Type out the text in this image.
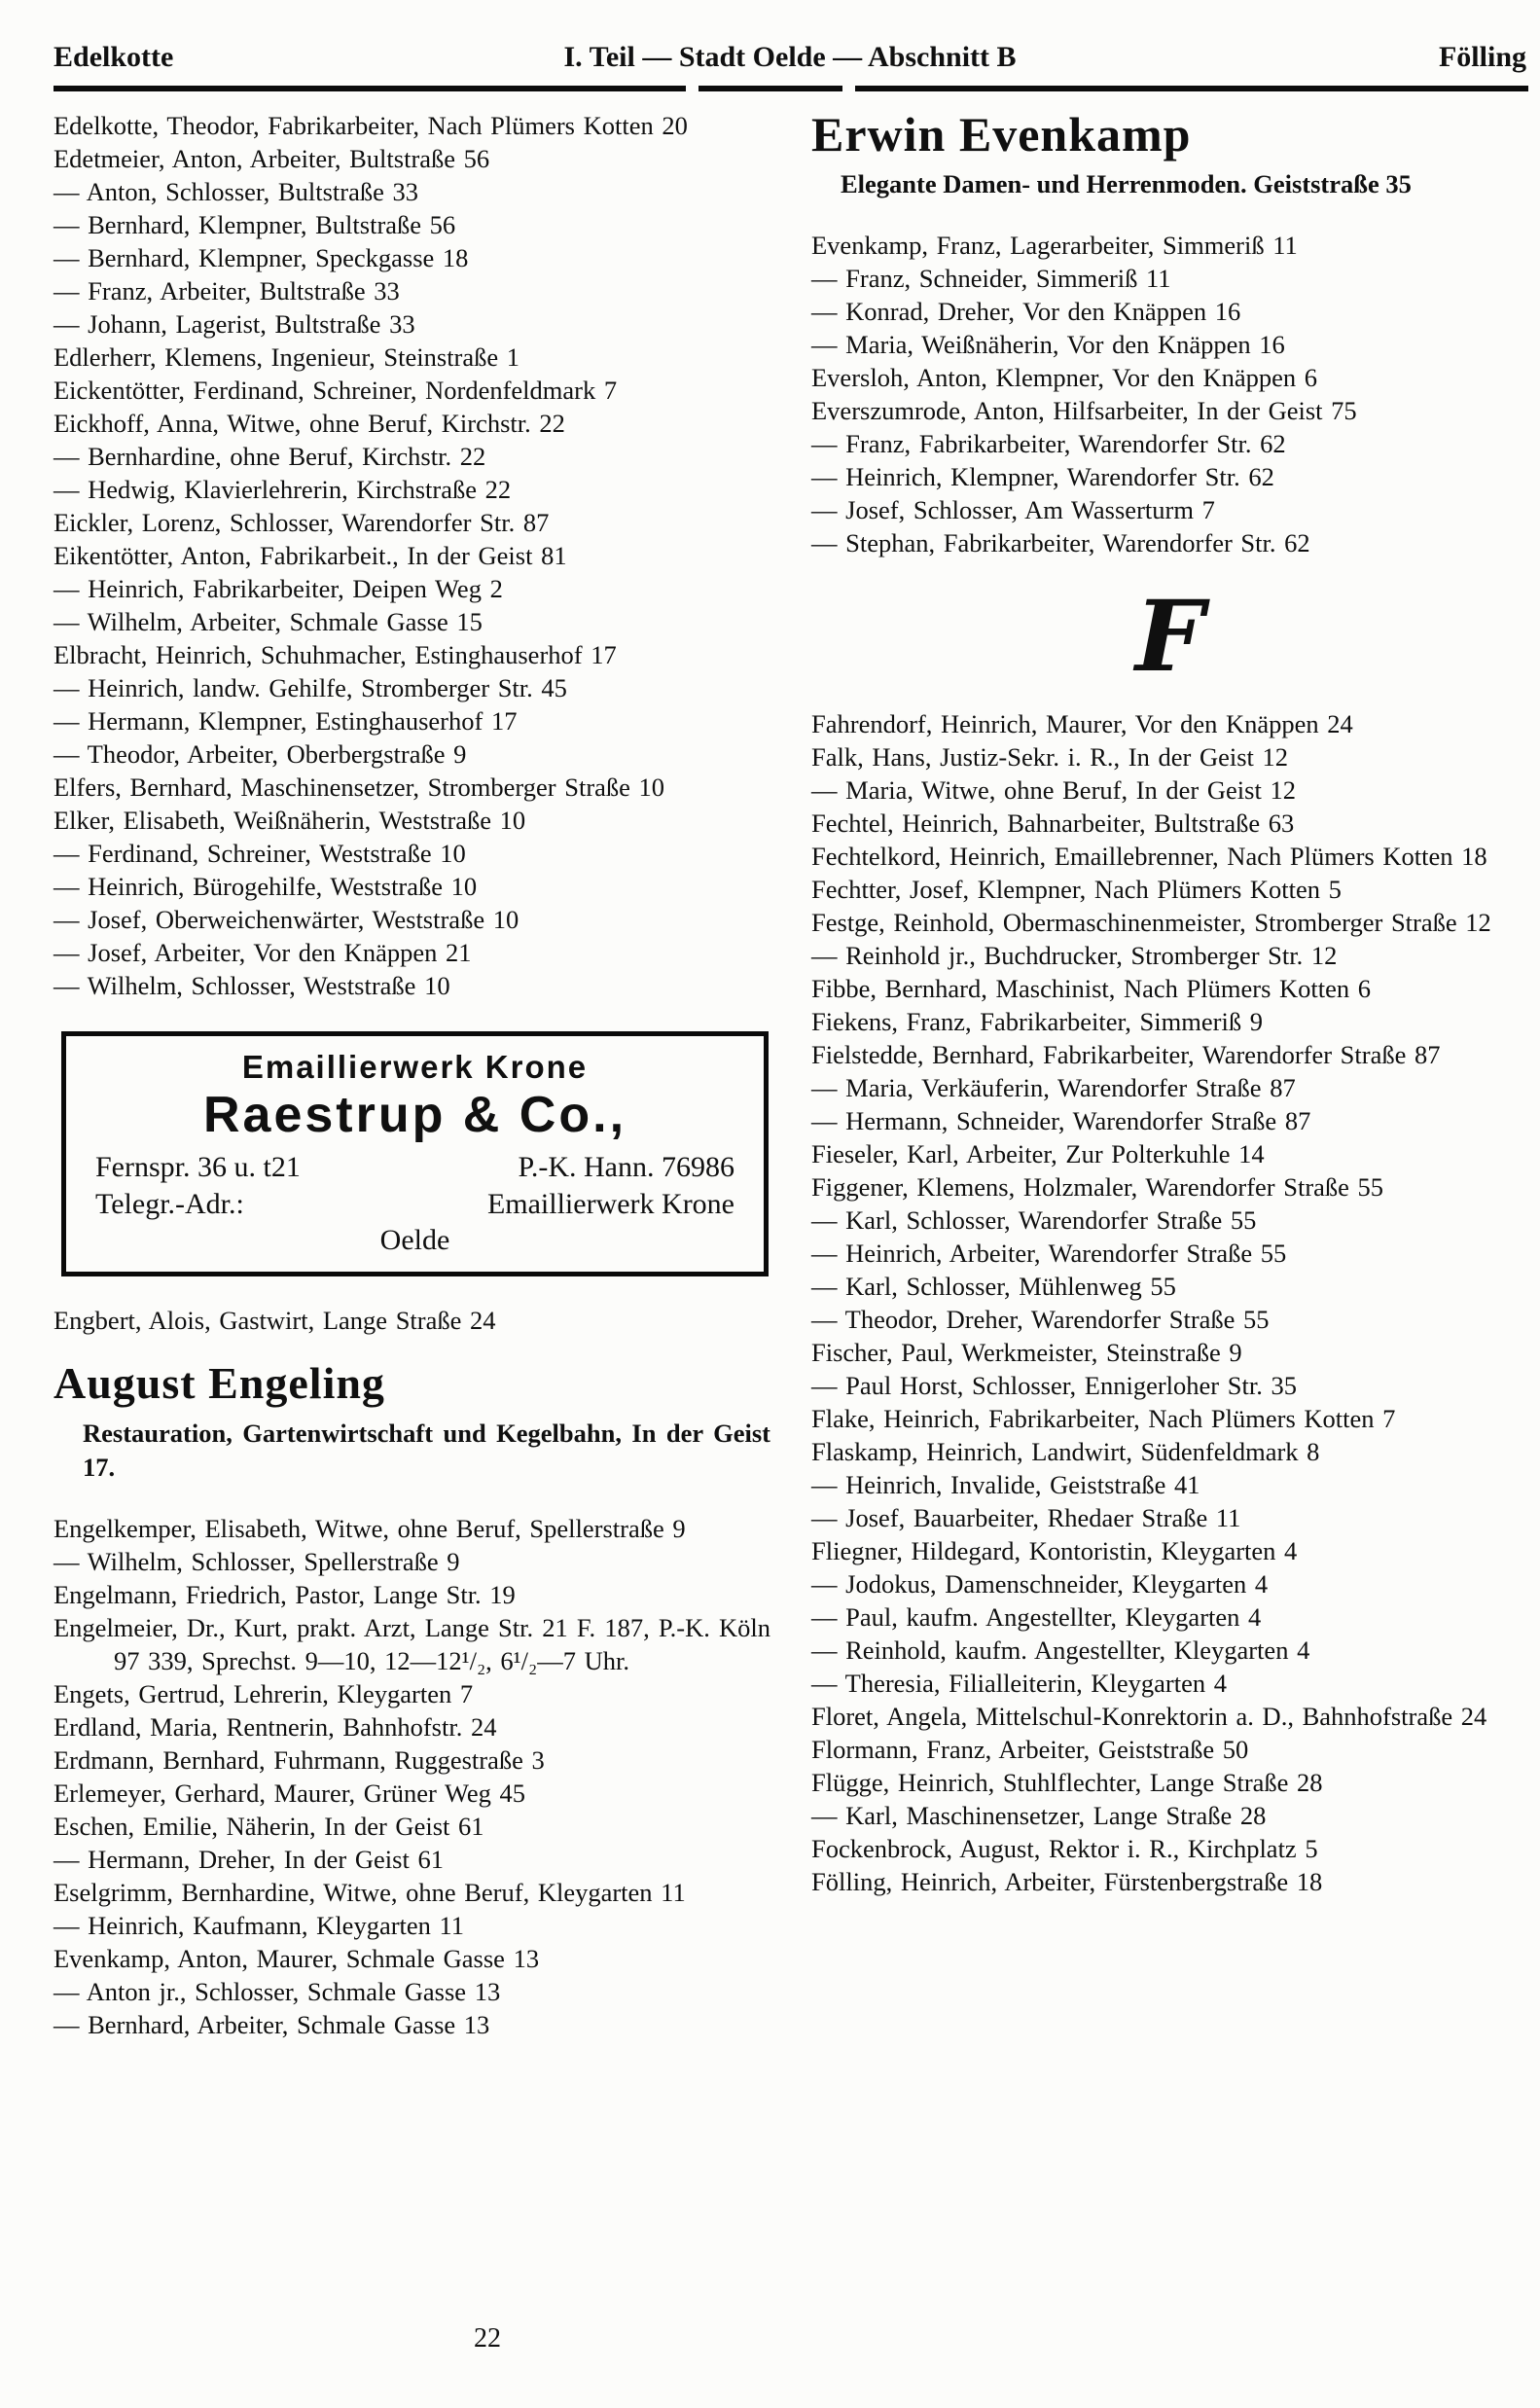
Edelkotte	I. Teil — Stadt Oelde — Abschnitt B	Fölling

Edelkotte, Theodor, Fabrikarbeiter, Nach Plümers Kotten 20

Edetmeier, Anton, Arbeiter, Bultstraße 56

— Anton, Schlosser, Bultstraße 33

— Bernhard, Klempner, Bultstraße 56

— Bernhard, Klempner, Speckgasse 18

— Franz, Arbeiter, Bultstraße 33

— Johann, Lagerist, Bultstraße 33

Edlerherr, Klemens, Ingenieur, Steinstraße 1

Eickentötter, Ferdinand, Schreiner, Nordenfeldmark 7

Eickhoff, Anna, Witwe, ohne Beruf, Kirchstr. 22

— Bernhardine, ohne Beruf, Kirchstr. 22

— Hedwig, Klavierlehrerin, Kirchstraße 22

Eickler, Lorenz, Schlosser, Warendorfer Str. 87

Eikentötter, Anton, Fabrikarbeit., In der Geist 81

— Heinrich, Fabrikarbeiter, Deipen Weg 2

— Wilhelm, Arbeiter, Schmale Gasse 15

Elbracht, Heinrich, Schuhmacher, Estinghauserhof 17

— Heinrich, landw. Gehilfe, Stromberger Str. 45

— Hermann, Klempner, Estinghauserhof 17

— Theodor, Arbeiter, Oberbergstraße 9

Elfers, Bernhard, Maschinensetzer, Stromberger Straße 10

Elker, Elisabeth, Weißnäherin, Weststraße 10

— Ferdinand, Schreiner, Weststraße 10

— Heinrich, Bürogehilfe, Weststraße 10

— Josef, Oberweichenwärter, Weststraße 10

— Josef, Arbeiter, Vor den Knäppen 21

— Wilhelm, Schlosser, Weststraße 10

Emaillierwerk Krone
Raestrup & Co.,
Fernspr. 36 u. t21	P.-K. Hann. 76986
Telegr.-Adr.:	Emaillierwerk Krone
Oelde

Engbert, Alois, Gastwirt, Lange Straße 24

August Engeling

Restauration, Gartenwirtschaft und Kegelbahn, In der Geist 17.

Engelkemper, Elisabeth, Witwe, ohne Beruf, Spellerstraße 9

— Wilhelm, Schlosser, Spellerstraße 9

Engelmann, Friedrich, Pastor, Lange Str. 19

Engelmeier, Dr., Kurt, prakt. Arzt, Lange Str. 21 F. 187, P.-K. Köln 97 339, Sprechst. 9—10, 12—12¹/₂, 6¹/₂—7 Uhr.

Engets, Gertrud, Lehrerin, Kleygarten 7

Erdland, Maria, Rentnerin, Bahnhofstr. 24

Erdmann, Bernhard, Fuhrmann, Ruggestraße 3

Erlemeyer, Gerhard, Maurer, Grüner Weg 45

Eschen, Emilie, Näherin, In der Geist 61

— Hermann, Dreher, In der Geist 61

Eselgrimm, Bernhardine, Witwe, ohne Beruf, Kleygarten 11

— Heinrich, Kaufmann, Kleygarten 11

Evenkamp, Anton, Maurer, Schmale Gasse 13

— Anton jr., Schlosser, Schmale Gasse 13

— Bernhard, Arbeiter, Schmale Gasse 13

Erwin Evenkamp

Elegante Damen- und Herrenmoden. Geiststraße 35

Evenkamp, Franz, Lagerarbeiter, Simmeriß 11

— Franz, Schneider, Simmeriß 11

— Konrad, Dreher, Vor den Knäppen 16

— Maria, Weißnäherin, Vor den Knäppen 16

Eversloh, Anton, Klempner, Vor den Knäppen 6

Everszumrode, Anton, Hilfsarbeiter, In der Geist 75

— Franz, Fabrikarbeiter, Warendorfer Str. 62

— Heinrich, Klempner, Warendorfer Str. 62

— Josef, Schlosser, Am Wasserturm 7

— Stephan, Fabrikarbeiter, Warendorfer Str. 62

F

Fahrendorf, Heinrich, Maurer, Vor den Knäppen 24

Falk, Hans, Justiz-Sekr. i. R., In der Geist 12

— Maria, Witwe, ohne Beruf, In der Geist 12

Fechtel, Heinrich, Bahnarbeiter, Bultstraße 63

Fechtelkord, Heinrich, Emaillebrenner, Nach Plümers Kotten 18

Fechtter, Josef, Klempner, Nach Plümers Kotten 5

Festge, Reinhold, Obermaschinenmeister, Stromberger Straße 12

— Reinhold jr., Buchdrucker, Stromberger Str. 12

Fibbe, Bernhard, Maschinist, Nach Plümers Kotten 6

Fiekens, Franz, Fabrikarbeiter, Simmeriß 9

Fielstedde, Bernhard, Fabrikarbeiter, Warendorfer Straße 87

— Maria, Verkäuferin, Warendorfer Straße 87

— Hermann, Schneider, Warendorfer Straße 87

Fieseler, Karl, Arbeiter, Zur Polterkuhle 14

Figgener, Klemens, Holzmaler, Warendorfer Straße 55

— Karl, Schlosser, Warendorfer Straße 55

— Heinrich, Arbeiter, Warendorfer Straße 55

— Karl, Schlosser, Mühlenweg 55

— Theodor, Dreher, Warendorfer Straße 55

Fischer, Paul, Werkmeister, Steinstraße 9

— Paul Horst, Schlosser, Ennigerloher Str. 35

Flake, Heinrich, Fabrikarbeiter, Nach Plümers Kotten 7

Flaskamp, Heinrich, Landwirt, Südenfeldmark 8

— Heinrich, Invalide, Geiststraße 41

— Josef, Bauarbeiter, Rhedaer Straße 11

Fliegner, Hildegard, Kontoristin, Kleygarten 4

— Jodokus, Damenschneider, Kleygarten 4

— Paul, kaufm. Angestellter, Kleygarten 4

— Reinhold, kaufm. Angestellter, Kleygarten 4

— Theresia, Filialleiterin, Kleygarten 4

Floret, Angela, Mittelschul-Konrektorin a. D., Bahnhofstraße 24

Flormann, Franz, Arbeiter, Geiststraße 50

Flügge, Heinrich, Stuhlflechter, Lange Straße 28

— Karl, Maschinensetzer, Lange Straße 28

Fockenbrock, August, Rektor i. R., Kirchplatz 5

Fölling, Heinrich, Arbeiter, Fürstenbergstraße 18

22
